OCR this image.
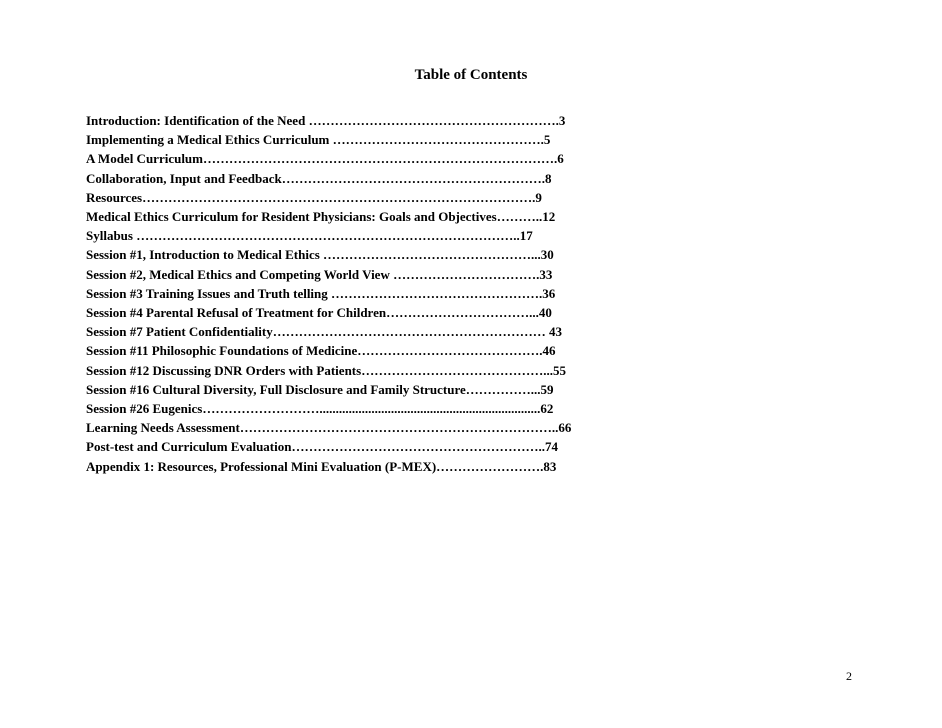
Table of Contents
Introduction: Identification of the Need ………………………………………………… .3
Implementing a Medical Ethics Curriculum ………………………………………… .5
A Model Curriculum ……………………………………………………………………… .6
Collaboration, Input and Feedback …………………………………………………… .8
Resources ………………………………………………………………………………. 9
Medical Ethics Curriculum for Resident Physicians: Goals and Objectives ……….. 12
Syllabus …………………………………………………………………………… ..17
Session #1, Introduction to Medical Ethics ………………………………………… ...30
Session #2, Medical Ethics and Competing World View …………………………… .33
Session #3 Training Issues and Truth telling ………………………………………… .36
Session #4 Parental Refusal of Treatment for Children …………………………… ...40
Session #7 Patient Confidentiality ……………………………………………………… 43
Session #11 Philosophic Foundations of Medicine …………………………………… .46
Session #12 Discussing DNR Orders with Patients …………………………………… ...55
Session #16 Cultural Diversity, Full Disclosure and Family Structure …………… ...59
Session #26 Eugenics ………………………................................................................... .62
Learning Needs Assessment ……………………………………………………………… ..66
Post-test and Curriculum Evaluation ………………………………………………… ..74
Appendix 1: Resources, Professional Mini Evaluation (P-MEX) …………………… .83

2
